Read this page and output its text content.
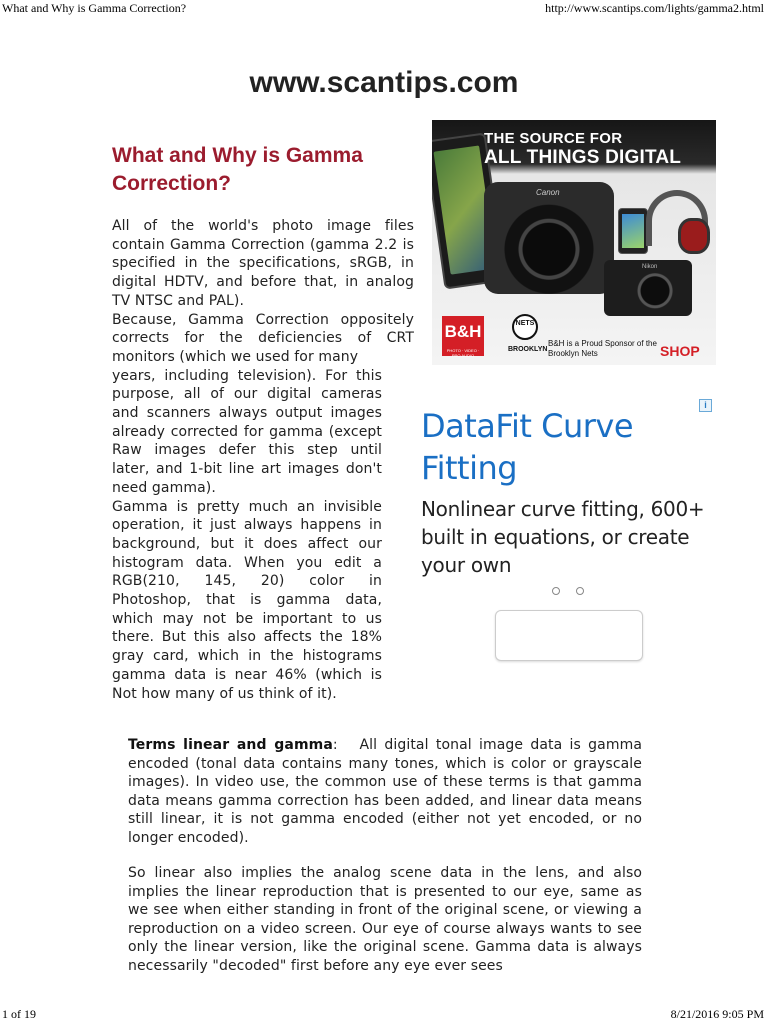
What and Why is Gamma Correction?	http://www.scantips.com/lights/gamma2.html
www.scantips.com
What and Why is Gamma Correction?

All of the world's photo image files contain Gamma Correction (gamma 2.2 is specified in the specifications, sRGB, in digital HDTV, and before that, in analog TV NTSC and PAL).

Because, Gamma Correction oppositely corrects for the deficiencies of CRT monitors (which we used for many

years, including television). For this purpose, all of our digital cameras and scanners always output images already corrected for gamma (except Raw images defer this step until later, and 1-bit line art images don't need gamma).

Gamma is pretty much an invisible operation, it just always happens in background, but it does affect our histogram data. When you edit a RGB(210, 145, 20) color in Photoshop, that is gamma data, which may not be important to us there. But this also affects the 18% gray card, which in the histograms gamma data is near 46% (which is Not how many of us think of it).

THE SOURCE FOR
ALL THINGS DIGITAL
Canon
Nikon
B&H
PHOTO · VIDEO · PRO AUDIO
NETS
BROOKLYN
B&H is a Proud Sponsor of the Brooklyn Nets	SHOP
i
DataFit Curve Fitting
Nonlinear curve fitting, 600+ built in equations, or create your own

Terms linear and gamma: All digital tonal image data is gamma encoded (tonal data contains many tones, which is color or grayscale images). In video use, the common use of these terms is that gamma data means gamma correction has been added, and linear data means still linear, it is not gamma encoded (either not yet encoded, or no longer encoded).

So linear also implies the analog scene data in the lens, and also implies the linear reproduction that is presented to our eye, same as we see when either standing in front of the original scene, or viewing a reproduction on a video screen. Our eye of course always wants to see only the linear version, like the original scene. Gamma data is always necessarily "decoded" first before any eye ever sees

1 of 19	8/21/2016 9:05 PM
